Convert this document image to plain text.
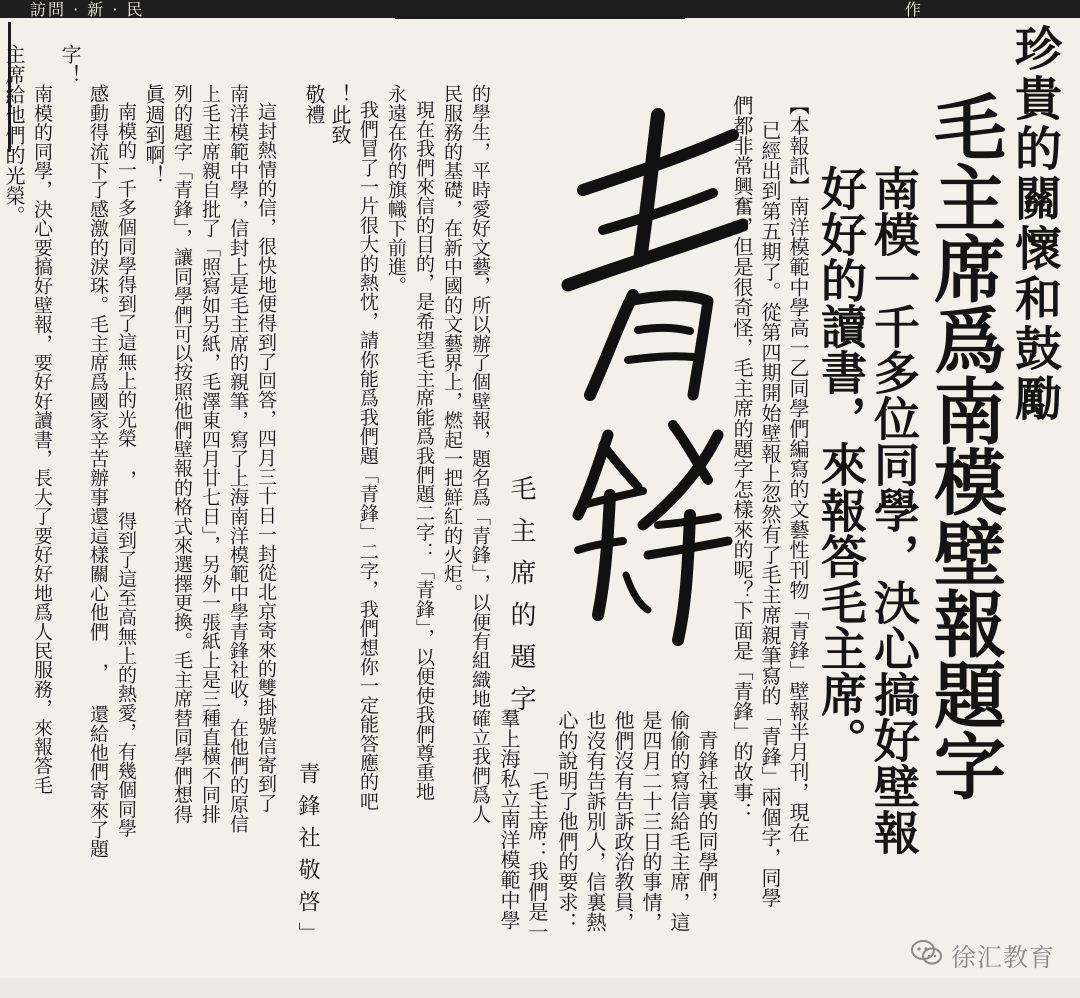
訪問 · 新 · 民	作
珍貴的關懷和鼓勵
毛主席爲南模壁報題字
南模一千多位同學，決心搞好壁報
好好的讀書，來報答毛主席。
【本報訊】南洋模範中學高一乙同學們編寫的文藝性刊物「青鋒」壁報半月刊，現在
已經出到第五期了。從第四期開始壁報上忽然有了毛主席親筆寫的「青鋒」兩個字，同學
們都非常興奮，但是很奇怪，毛主席的題字怎樣來的呢？下面是「青鋒」的故事：
青鋒社裏的同學們，
偷偷的寫信給毛主席，這
是四月二十三日的事情，
他們沒有告訴政治教員，
也沒有告訴別人，信裏熱
心的說明了他們的要求：
毛主席的題字
「毛主席：我們是一
羣上海私立南洋模範中學
的學生，平時愛好文藝，所以辦了個壁報，題名爲「青鋒」，以便有組織地確立我們爲人
民服務的基礎，在新中國的文藝界上，燃起一把鮮紅的火炬。
現在我們來信的目的，是希望毛主席能爲我們題二字：「青鋒」，以便使我們尊重地
永遠在你的旗幟下前進。
我們冒了一片很大的熱忱，請你能爲我們題「青鋒」二字，我們想你一定能答應的吧
！此致
敬禮
青鋒社敬啓」
這封熱情的信，很快地便得到了回答，四月三十日一封從北京寄來的雙掛號信寄到了
南洋模範中學，信封上是毛主席的親筆，寫了上海南洋模範中學青鋒社收，在他們的原信
上毛主席親自批了「照寫如另紙，毛澤東四月廿七日」，另外一張紙上是三種直橫不同排
列的題字「青鋒」，讓同學們可以按照他們壁報的格式來選擇更換。毛主席替同學們想得
眞週到啊！
南模的一千多個同學得到了這無上的光榮 ， 得到了這至高無上的熱愛，有幾個同學
感動得流下了感激的淚珠。毛主席爲國家辛苦辦事還這樣關心他們 ， 還給他們寄來了題
字！
南模的同學，決心要搞好壁報，要好好讀書，長大了要好好地爲人民服務，來報答毛
主席給他們的光榮。
徐汇教育
